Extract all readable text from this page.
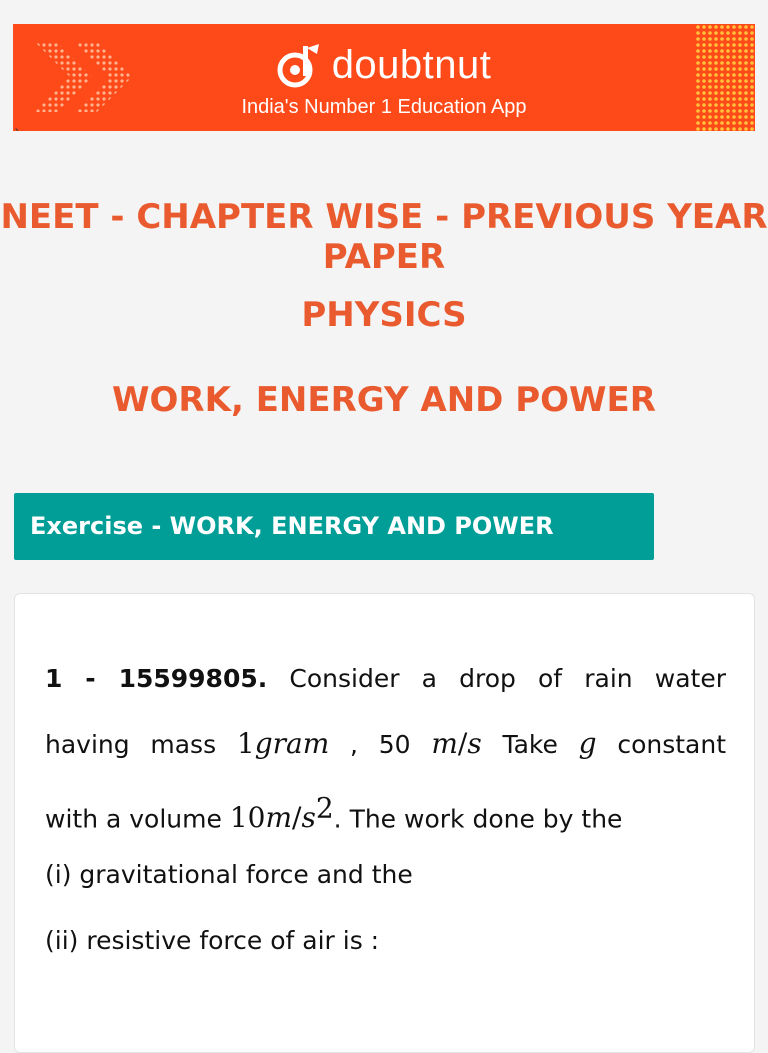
doubtnut
India's Number 1 Education App
`
NEET - CHAPTER WISE - PREVIOUS YEAR PAPER
PHYSICS
WORK, ENERGY AND POWER
Exercise - WORK, ENERGY AND POWER
1 - 15599805. Consider a drop of rain water
having mass 1gram , 50 m/s Take g constant
with a volume $10m/s^2$. The work done by the
(i) gravitational force and the
(ii) resistive force of air is :
